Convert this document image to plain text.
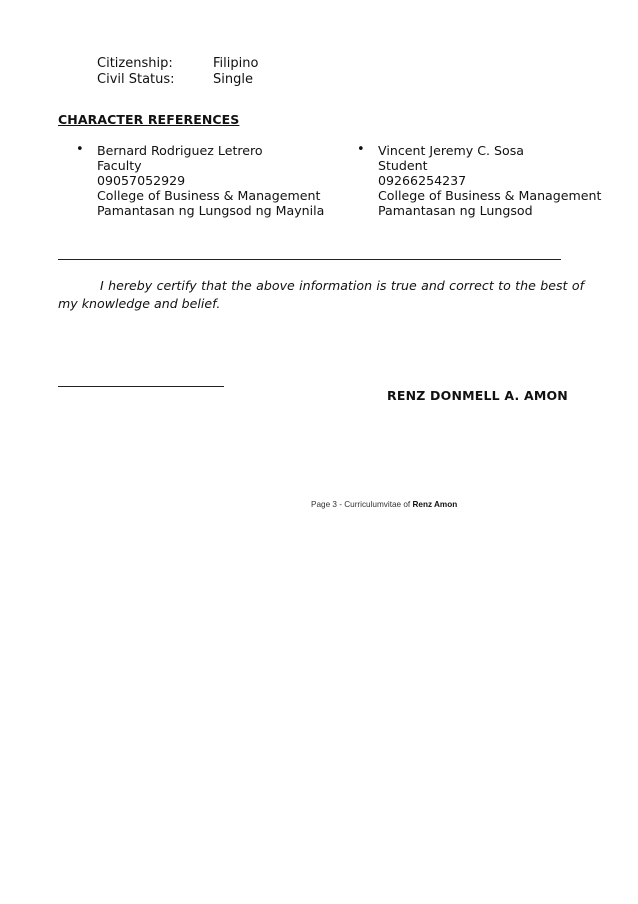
Citizenship:	Filipino
Civil Status:	Single
CHARACTER REFERENCES
• Bernard Rodriguez Letrero
Faculty
09057052929
College of Business & Management
Pamantasan ng Lungsod ng Maynila
• Vincent Jeremy C. Sosa
Student
09266254237
College of Business & Management
Pamantasan ng Lungsod

I hereby certify that the above information is true and correct to the best of my knowledge and belief.

RENZ DONMELL A. AMON
Page 3 - Curriculumvitae of Renz Amon
